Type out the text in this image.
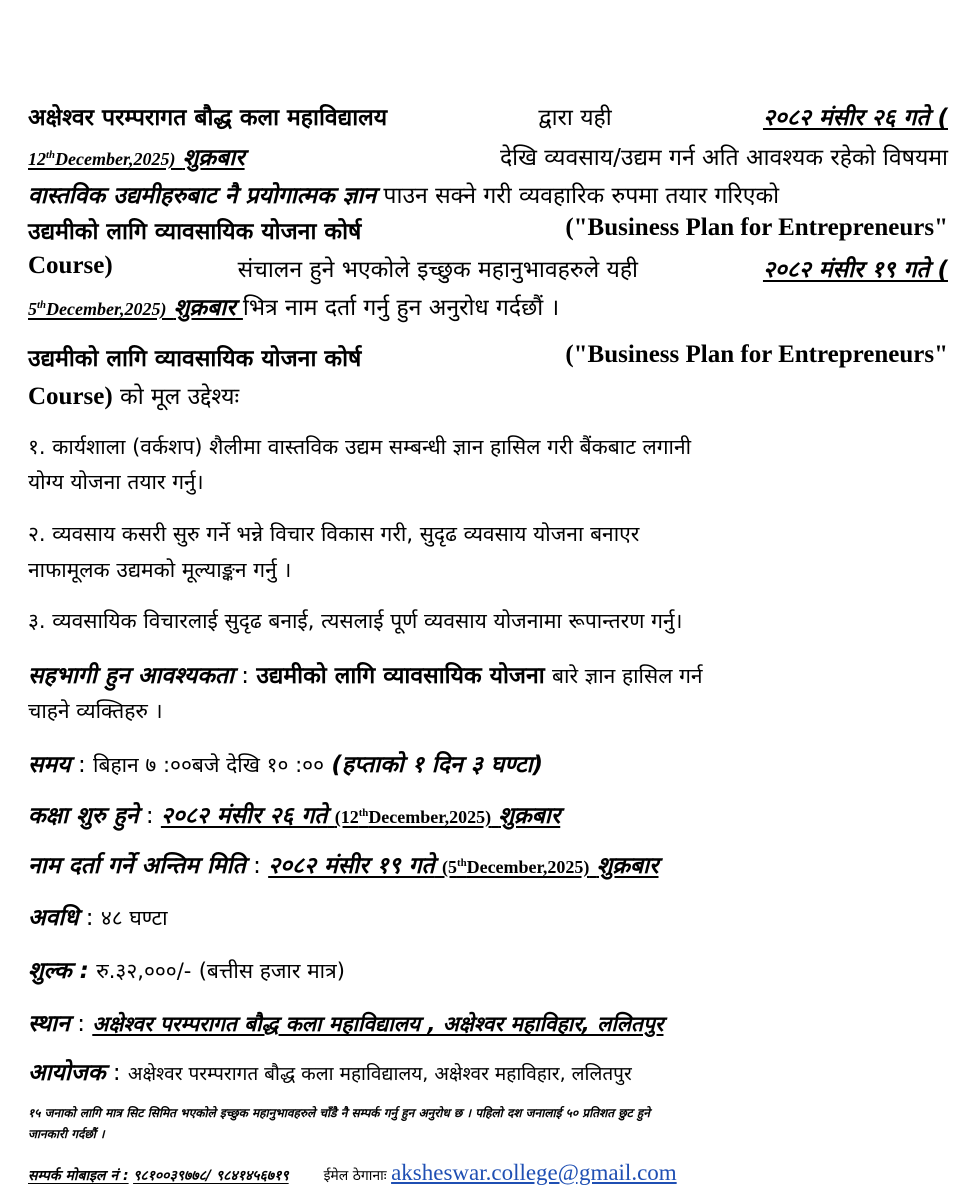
अक्षेश्वर परम्परागत बौद्ध कला महाविद्यालय	द्वारा यही	२०८२ मंसीर २६ गते (
12thDecember,2025) शुक्रबार	देखि व्यवसाय/उद्यम गर्न अति आवश्यक रहेको विषयमा
वास्तविक उद्यमीहरुबाट नै प्रयोगात्मक ज्ञान पाउन सक्ने गरी व्यवहारिक रुपमा तयार गरिएको
उद्यमीको लागि व्यावसायिक योजना कोर्ष	("Business Plan for Entrepreneurs"
Course)	संचालन हुने भएकोले इच्छुक महानुभावहरुले यही	२०८२ मंसीर १९ गते (
5thDecember,2025) शुक्रबार भित्र नाम दर्ता गर्नु हुन अनुरोध गर्दछौं ।
उद्यमीको लागि व्यावसायिक योजना कोर्ष	("Business Plan for Entrepreneurs"
Course) को मूल उद्देश्यः
१. कार्यशाला (वर्कशप) शैलीमा वास्तविक उद्यम सम्बन्धी ज्ञान हासिल गरी बैंकबाट लगानी
योग्य योजना तयार गर्नु।
२. व्यवसाय कसरी सुरु गर्ने भन्ने विचार विकास गरी, सुदृढ व्यवसाय योजना बनाएर
नाफामूलक उद्यमको मूल्याङ्कन गर्नु ।
३. व्यवसायिक विचारलाई सुदृढ बनाई, त्यसलाई पूर्ण व्यवसाय योजनामा रूपान्तरण गर्नु।
सहभागी हुन आवश्यकता : उद्यमीको लागि व्यावसायिक योजना बारे ज्ञान हासिल गर्न
चाहने व्यक्तिहरु ।
समय : बिहान ७ :००बजे देखि १० :०० (हप्ताको १ दिन ३ घण्टा)
कक्षा शुरु हुने : २०८२ मंसीर २६ गते (12thDecember,2025) शुक्रबार
नाम दर्ता गर्ने अन्तिम मिति : २०८२ मंसीर १९ गते (5thDecember,2025) शुक्रबार
अवधि : ४८ घण्टा
शुल्क : रु.३२,०००/- (बत्तीस हजार मात्र)
स्थान : अक्षेश्वर परम्परागत बौद्ध कला महाविद्यालय , अक्षेश्वर महाविहार, ललितपुर
आयोजक : अक्षेश्वर परम्परागत बौद्ध कला महाविद्यालय, अक्षेश्वर महाविहार, ललितपुर
१५ जनाको लागि मात्र सिट सिमित भएकोले इच्छुक महानुभावहरुले चाँडै नै सम्पर्क गर्नु हुन अनुरोध छ । पहिलो दश जनालाई ५० प्रतिशत छुट हुने
जानकारी गर्दछौं ।
सम्पर्क मोबाइल नं : ९८१००३९७७८/ ९८४१४५६७१९ ईमेल ठेगानाः aksheswar.college@gmail.com
